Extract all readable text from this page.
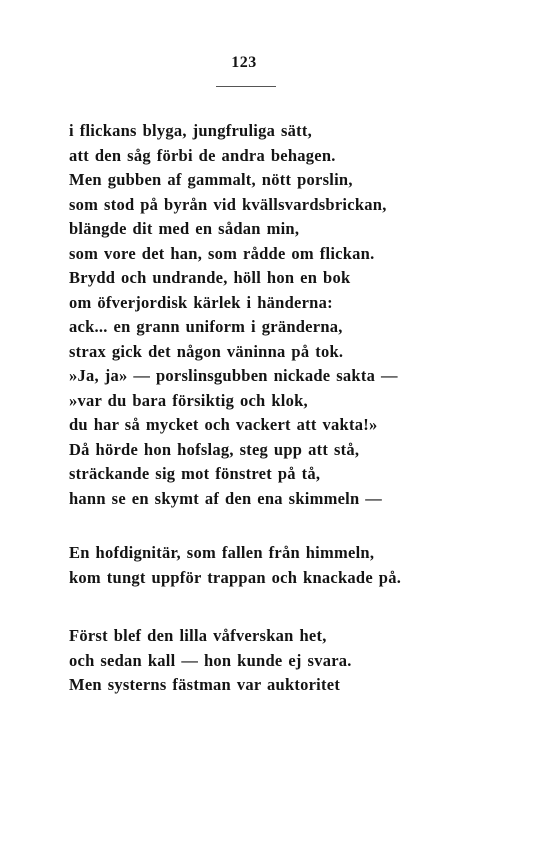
123
i flickans blyga, jungfruliga sätt,
att den såg förbi de andra behagen.
Men gubben af gammalt, nött porslin,
som stod på byrån vid kvällsvardsbrickan,
blängde dit med en sådan min,
som vore det han, som rådde om flickan.
Brydd och undrande, höll hon en bok
om öfverjordisk kärlek i händerna:
ack... en grann uniform i gränderna,
strax gick det någon väninna på tok.
»Ja, ja» — porslinsgubben nickade sakta —
»var du bara försiktig och klok,
du har så mycket och vackert att vakta!»
Då hörde hon hofslag, steg upp att stå,
sträckande sig mot fönstret på tå,
hann se en skymt af den ena skimmeln —
En hofdignitär, som fallen från himmeln,
kom tungt uppför trappan och knackade på.
Först blef den lilla våfverskan het,
och sedan kall — hon kunde ej svara.
Men systerns fästman var auktoritet
